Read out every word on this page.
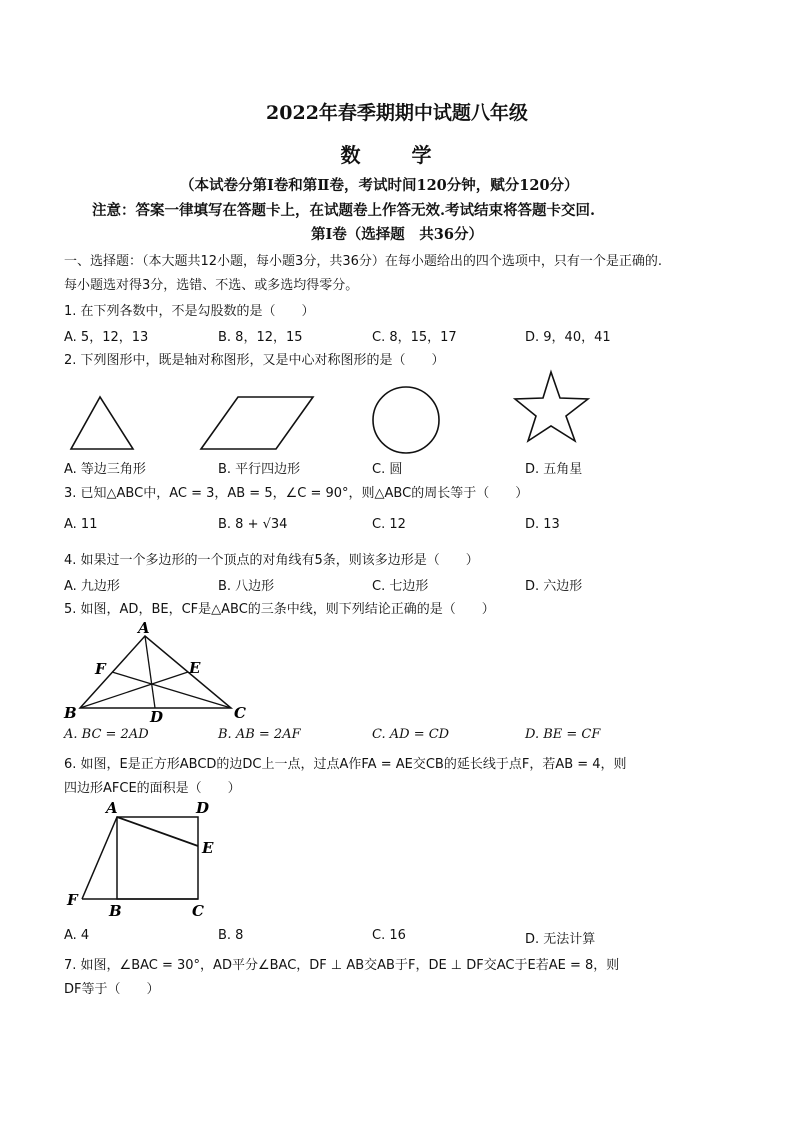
2022年春季期期中试题八年级
数 学
（本试卷分第Ⅰ卷和第Ⅱ卷，考试时间120分钟，赋分120分）
注意：答案一律填写在答题卡上，在试题卷上作答无效.考试结束将答题卡交回.
第Ⅰ卷（选择题　共36分）
一、选择题：（本大题共12小题，每小题3分，共36分）在每小题给出的四个选项中，只有一个是正确的.
每小题选对得3分，选错、不选、或多选均得零分。
1. 在下列各数中，不是勾股数的是（　　）
A. 5，12，13	B. 8，12，15	C. 8，15，17	D. 9，40，41
2. 下列图形中，既是轴对称图形，又是中心对称图形的是（　　）
A. 等边三角形	B. 平行四边形	C. 圆	D. 五角星
3. 已知△ABC中，AC = 3，AB = 5，∠C = 90°，则△ABC的周长等于（　　）
A. 11	B. 8 + √34	C. 12	D. 13
4. 如果过一个多边形的一个顶点的对角线有5条，则该多边形是（　　）
A. 九边形	B. 八边形	C. 七边形	D. 六边形
5. 如图，AD，BE，CF是△ABC的三条中线，则下列结论正确的是（　　）
A
B	C
D
E
F
A. BC = 2AD	B. AB = 2AF	C. AD = CD	D. BE = CF
6. 如图，E是正方形ABCD的边DC上一点，过点A作FA = AE交CB的延长线于点F，若AB = 4，则
四边形AFCE的面积是（　　）
A	D
E
F
B	C
A. 4	B. 8	C. 16	D. 无法计算
7. 如图，∠BAC = 30°，AD平分∠BAC，DF ⊥ AB交AB于F，DE ⊥ DF交AC于E若AE = 8，则
DF等于（　　）
